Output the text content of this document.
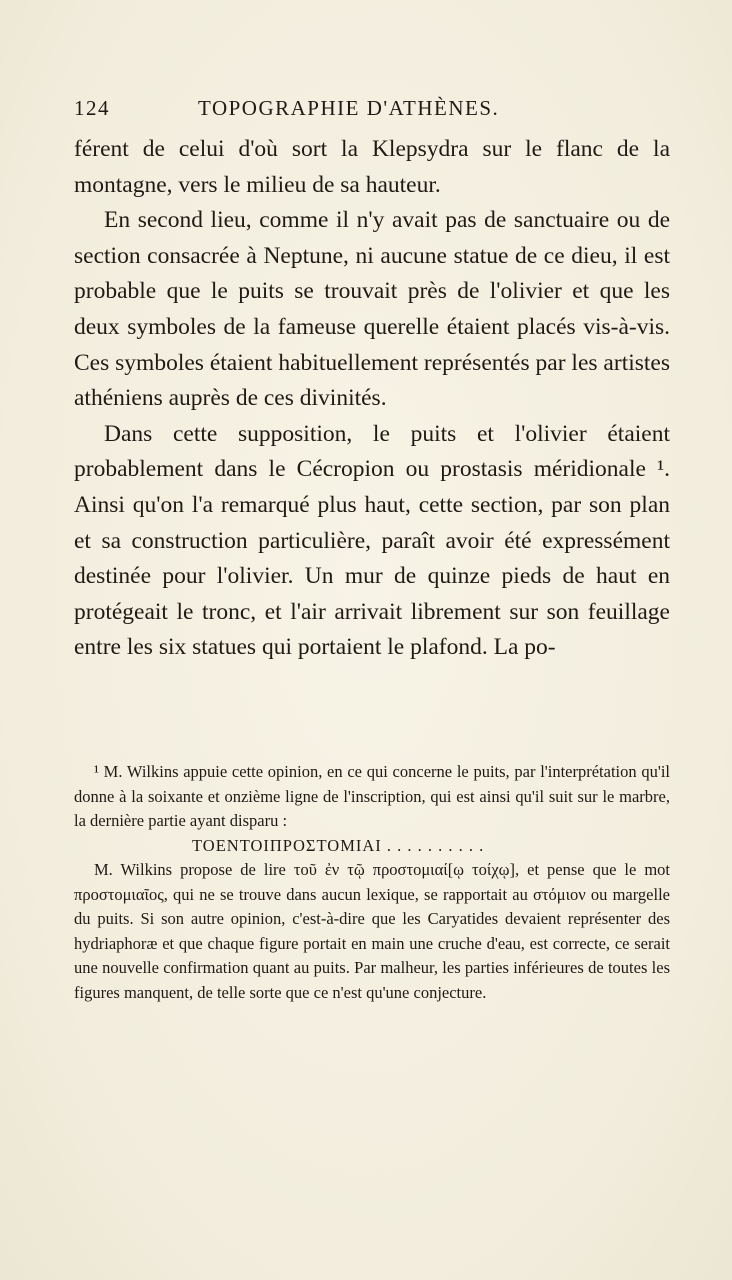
124	TOPOGRAPHIE D'ATHÈNES.

férent de celui d'où sort la Klepsydra sur le flanc de la montagne, vers le milieu de sa hauteur.

En second lieu, comme il n'y avait pas de sanctuaire ou de section consacrée à Neptune, ni aucune statue de ce dieu, il est probable que le puits se trouvait près de l'olivier et que les deux symboles de la fameuse querelle étaient placés vis-à-vis. Ces symboles étaient habituellement représentés par les artistes athéniens auprès de ces divinités.

Dans cette supposition, le puits et l'olivier étaient probablement dans le Cécropion ou prostasis méridionale ¹. Ainsi qu'on l'a remarqué plus haut, cette section, par son plan et sa construction particulière, paraît avoir été expressément destinée pour l'olivier. Un mur de quinze pieds de haut en protégeait le tronc, et l'air arrivait librement sur son feuillage entre les six statues qui portaient le plafond. La po-

¹ M. Wilkins appuie cette opinion, en ce qui concerne le puits, par l'interprétation qu'il donne à la soixante et onzième ligne de l'inscription, qui est ainsi qu'il suit sur le marbre, la dernière partie ayant disparu :

ΤΟΕΝΤΟΙΠΡΟΣΤΟΜΙΑΙ . . . . . . . . . .

M. Wilkins propose de lire τοῦ ἐν τῷ προστομιαί[ῳ τοίχῳ], et pense que le mot προστομιαῖος, qui ne se trouve dans aucun lexique, se rapportait au στόμιον ou margelle du puits. Si son autre opinion, c'est-à-dire que les Caryatides devaient représenter des hydriaphoræ et que chaque figure portait en main une cruche d'eau, est correcte, ce serait une nouvelle confirmation quant au puits. Par malheur, les parties inférieures de toutes les figures manquent, de telle sorte que ce n'est qu'une conjecture.
